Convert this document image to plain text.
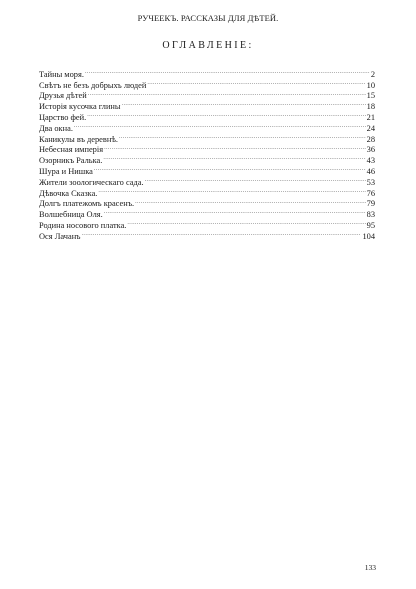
РУЧЕЕКЪ. РАССКАЗЫ ДЛЯ ДѢТЕЙ.
ОГЛАВЛЕНIЕ:
Тайны моря. .....	2
Свѣтъ не безъ добрыхъ людей .....	10
Друзья дѣтей .....	15
Исторія кусочка глины .....	18
Царство фей. .....	21
Два окна. .....	24
Каникулы въ деревнѣ. .....	28
Небесная имперія .....	36
Озорникъ Ралька. .....	43
Шура и Нишка .....	46
Жители зоологическаго сада. .....	53
Дѣвочка Сказка. .....	76
Долгъ платежомъ красенъ. .....	79
Волшебница Оля. .....	83
Родина носового платка. .....	95
Ося Лачанъ .....	104
133
